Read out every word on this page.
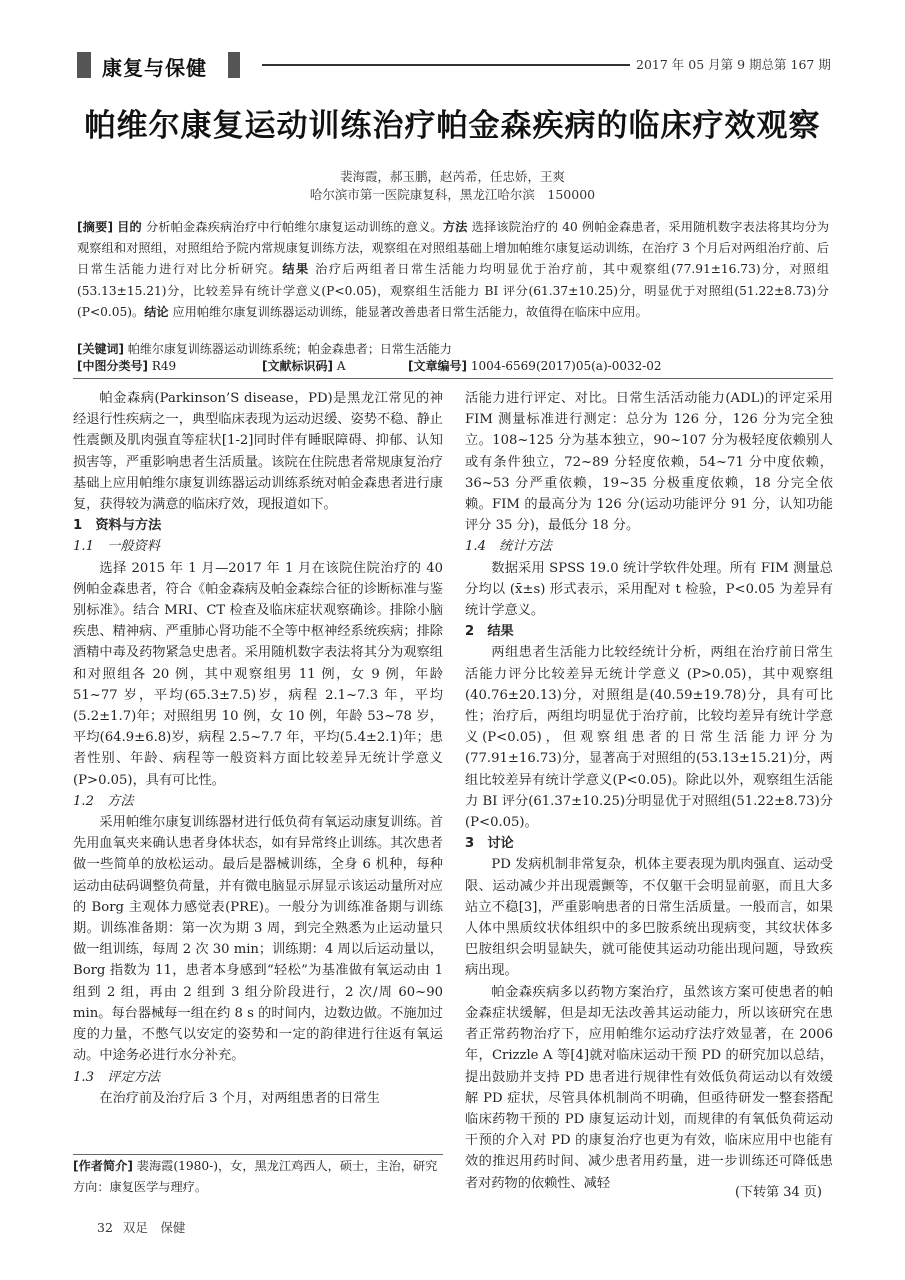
康复与保健	2017 年 05 月第 9 期总第 167 期
帕维尔康复运动训练治疗帕金森疾病的临床疗效观察
裴海霞，郝玉鹏，赵芮希，任忠娇，王爽
哈尔滨市第一医院康复科，黑龙江哈尔滨　150000
[摘要] 目的 分析帕金森疾病治疗中行帕维尔康复运动训练的意义。方法 选择该院治疗的 40 例帕金森患者，采用随机数字表法将其均分为观察组和对照组，对照组给予院内常规康复训练方法，观察组在对照组基础上增加帕维尔康复运动训练，在治疗 3 个月后对两组治疗前、后日常生活能力进行对比分析研究。结果 治疗后两组者日常生活能力均明显优于治疗前，其中观察组(77.91±16.73)分，对照组(53.13±15.21)分，比较差异有统计学意义(P<0.05)，观察组生活能力 BI 评分(61.37±10.25)分，明显优于对照组(51.22±8.73)分(P<0.05)。结论 应用帕维尔康复训练器运动训练，能显著改善患者日常生活能力，故值得在临床中应用。
[关键词] 帕维尔康复训练器运动训练系统；帕金森患者；日常生活能力
[中图分类号] R49	[文献标识码] A	[文章编号] 1004-6569(2017)05(a)-0032-02

帕金森病(Parkinson’S disease，PD)是黑龙江常见的神经退行性疾病之一，典型临床表现为运动迟缓、姿势不稳、静止性震颤及肌肉强直等症状[1-2]同时伴有睡眠障碍、抑郁、认知损害等，严重影响患者生活质量。该院在住院患者常规康复治疗基础上应用帕维尔康复训练器运动训练系统对帕金森患者进行康复，获得较为满意的临床疗效，现报道如下。

1　资料与方法

1.1　一般资料

选择 2015 年 1 月—2017 年 1 月在该院住院治疗的 40 例帕金森患者，符合《帕金森病及帕金森综合征的诊断标准与鉴别标准》。结合 MRI、CT 检查及临床症状观察确诊。排除小脑疾患、精神病、严重肺心肾功能不全等中枢神经系统疾病；排除酒精中毒及药物紧急史患者。采用随机数字表法将其分为观察组和对照组各 20 例，其中观察组男 11 例，女 9 例，年龄 51~77 岁，平均(65.3±7.5)岁，病程 2.1~7.3 年，平均(5.2±1.7)年；对照组男 10 例，女 10 例，年龄 53~78 岁，平均(64.9±6.8)岁，病程 2.5~7.7 年，平均(5.4±2.1)年；患者性别、年龄、病程等一般资料方面比较差异无统计学意义(P>0.05)，具有可比性。

1.2　方法

采用帕维尔康复训练器材进行低负荷有氧运动康复训练。首先用血氧夹来确认患者身体状态，如有异常终止训练。其次患者做一些简单的放松运动。最后是器械训练，全身 6 机种，每种运动由砝码调整负荷量，并有微电脑显示屏显示该运动量所对应的 Borg 主观体力感觉表(PRE)。一般分为训练准备期与训练期。训练准备期：第一次为期 3 周，到完全熟悉为止运动量只做一组训练，每周 2 次 30 min；训练期：4 周以后运动量以，Borg 指数为 11，患者本身感到“轻松”为基准做有氧运动由 1 组到 2 组，再由 2 组到 3 组分阶段进行，2 次/周 60~90 min。每台器械每一组在约 8 s 的时间内，边数边做。不施加过度的力量，不憋气以安定的姿势和一定的韵律进行往返有氧运动。中途务必进行水分补充。

1.3　评定方法

在治疗前及治疗后 3 个月，对两组患者的日常生

活能力进行评定、对比。日常生活活动能力(ADL)的评定采用 FIM 测量标准进行测定：总分为 126 分，126 分为完全独立。108~125 分为基本独立，90~107 分为极轻度依赖别人或有条件独立，72~89 分轻度依赖，54~71 分中度依赖，36~53 分严重依赖，19~35 分极重度依赖，18 分完全依赖。FIM 的最高分为 126 分(运动功能评分 91 分，认知功能评分 35 分)，最低分 18 分。

1.4　统计方法

数据采用 SPSS 19.0 统计学软件处理。所有 FIM 测量总分均以 (x̄±s) 形式表示，采用配对 t 检验，P<0.05 为差异有统计学意义。

2　结果

两组患者生活能力比较经统计分析，两组在治疗前日常生活能力评分比较差异无统计学意义 (P>0.05)，其中观察组(40.76±20.13)分，对照组是(40.59±19.78)分，具有可比性；治疗后，两组均明显优于治疗前，比较均差异有统计学意义(P<0.05)，但观察组患者的日常生活能力评分为(77.91±16.73)分，显著高于对照组的(53.13±15.21)分，两组比较差异有统计学意义(P<0.05)。除此以外，观察组生活能力 BI 评分(61.37±10.25)分明显优于对照组(51.22±8.73)分(P<0.05)。

3　讨论

PD 发病机制非常复杂，机体主要表现为肌肉强直、运动受限、运动减少并出现震颤等，不仅躯干会明显前驱，而且大多站立不稳[3]，严重影响患者的日常生活质量。一般而言，如果人体中黑质纹状体组织中的多巴胺系统出现病变，其纹状体多巴胺组织会明显缺失，就可能使其运动功能出现问题，导致疾病出现。

帕金森疾病多以药物方案治疗，虽然该方案可使患者的帕金森症状缓解，但是却无法改善其运动能力，所以该研究在患者正常药物治疗下，应用帕维尔运动疗法疗效显著，在 2006 年，Crizzle A 等[4]就对临床运动干预 PD 的研究加以总结，提出鼓励并支持 PD 患者进行规律性有效低负荷运动以有效缓解 PD 症状，尽管具体机制尚不明确，但亟待研发一整套搭配临床药物干预的 PD 康复运动计划，而规律的有氧低负荷运动干预的介入对 PD 的康复治疗也更为有效，临床应用中也能有效的推迟用药时间、减少患者用药量，进一步训练还可降低患者对药物的依赖性、减轻

[作者简介] 裴海霞(1980-)，女，黑龙江鸡西人，硕士，主治，研究方向：康复医学与理疗。	(下转第 34 页)
32 双足　保健
